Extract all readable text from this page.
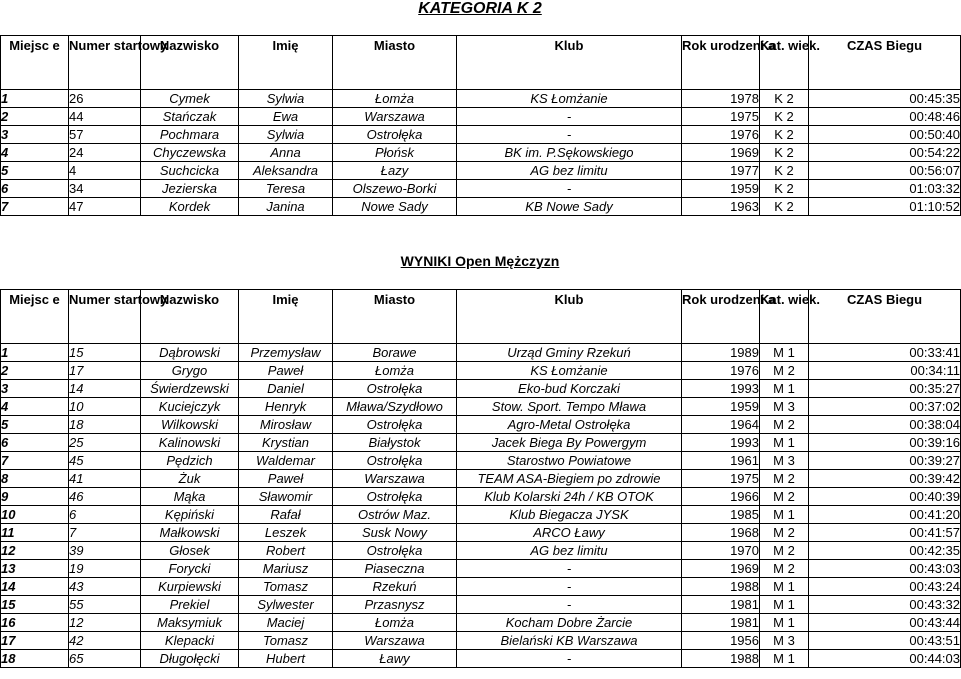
KATEGORIA K 2
Miejsc e	Numer startowy	Nazwisko	Imię	Miasto	Klub	Rok urodzeni a	Kat. wiek.	CZAS Biegu
1	26	Cymek	Sylwia	Łomża	KS Łomżanie	1978	K 2	00:45:35
2	44	Stańczak	Ewa	Warszawa	-	1975	K 2	00:48:46
3	57	Pochmara	Sylwia	Ostrołęka	-	1976	K 2	00:50:40
4	24	Chyczewska	Anna	Płońsk	BK im. P.Sękowskiego	1969	K 2	00:54:22
5	4	Suchcicka	Aleksandra	Łazy	AG bez limitu	1977	K 2	00:56:07
6	34	Jezierska	Teresa	Olszewo-Borki	-	1959	K 2	01:03:32
7	47	Kordek	Janina	Nowe Sady	KB Nowe Sady	1963	K 2	01:10:52
WYNIKI Open Mężczyzn
Miejsc e	Numer startowy	Nazwisko	Imię	Miasto	Klub	Rok urodzeni a	Kat. wiek.	CZAS Biegu
1	15	Dąbrowski	Przemysław	Borawe	Urząd Gminy Rzekuń	1989	M 1	00:33:41
2	17	Grygo	Paweł	Łomża	KS Łomżanie	1976	M 2	00:34:11
3	14	Świerdzewski	Daniel	Ostrołęka	Eko-bud Korczaki	1993	M 1	00:35:27
4	10	Kuciejczyk	Henryk	Mława/Szydłowo	Stow. Sport. Tempo Mława	1959	M 3	00:37:02
5	18	Wilkowski	Mirosław	Ostrołęka	Agro-Metal Ostrołęka	1964	M 2	00:38:04
6	25	Kalinowski	Krystian	Białystok	Jacek Biega By Powergym	1993	M 1	00:39:16
7	45	Pędzich	Waldemar	Ostrołęka	Starostwo Powiatowe	1961	M 3	00:39:27
8	41	Żuk	Paweł	Warszawa	TEAM ASA-Biegiem po zdrowie	1975	M 2	00:39:42
9	46	Mąka	Sławomir	Ostrołęka	Klub Kolarski 24h / KB OTOK	1966	M 2	00:40:39
10	6	Kępiński	Rafał	Ostrów Maz.	Klub Biegacza JYSK	1985	M 1	00:41:20
11	7	Małkowski	Leszek	Susk Nowy	ARCO Ławy	1968	M 2	00:41:57
12	39	Głosek	Robert	Ostrołęka	AG bez limitu	1970	M 2	00:42:35
13	19	Forycki	Mariusz	Piaseczna	-	1969	M 2	00:43:03
14	43	Kurpiewski	Tomasz	Rzekuń	-	1988	M 1	00:43:24
15	55	Prekiel	Sylwester	Przasnysz	-	1981	M 1	00:43:32
16	12	Maksymiuk	Maciej	Łomża	Kocham Dobre Żarcie	1981	M 1	00:43:44
17	42	Klepacki	Tomasz	Warszawa	Bielański KB Warszawa	1956	M 3	00:43:51
18	65	Długołęcki	Hubert	Ławy	-	1988	M 1	00:44:03
